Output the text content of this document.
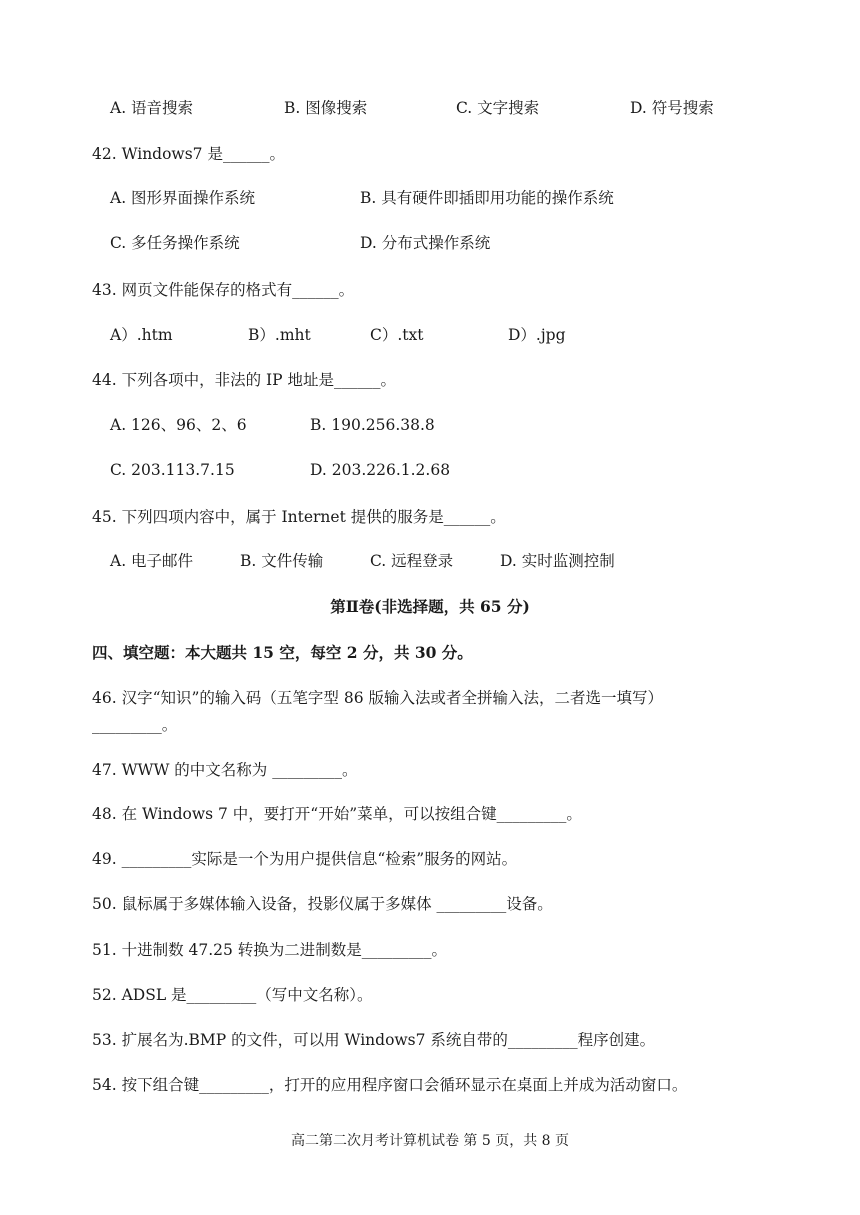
A. 语音搜索	B. 图像搜索	C. 文字搜索	D. 符号搜索
42. Windows7 是______。
A. 图形界面操作系统	B. 具有硬件即插即用功能的操作系统
C. 多任务操作系统	D. 分布式操作系统
43. 网页文件能保存的格式有______。
A）.htm	B）.mht	C）.txt	D）.jpg
44. 下列各项中，非法的 IP 地址是______。
A. 126、96、2、6	B. 190.256.38.8
C. 203.113.7.15	D. 203.226.1.2.68
45. 下列四项内容中，属于 Internet 提供的服务是______。
A. 电子邮件	B. 文件传输	C. 远程登录	D. 实时监测控制
第Ⅱ卷(非选择题，共 65 分)
四、填空题：本大题共 15 空，每空 2 分，共 30 分。
46. 汉字“知识”的输入码（五笔字型 86 版输入法或者全拼输入法，二者选一填写）
_________。
47. WWW 的中文名称为 _________。
48. 在 Windows 7 中，要打开“开始”菜单，可以按组合键_________。
49. _________实际是一个为用户提供信息“检索”服务的网站。
50. 鼠标属于多媒体输入设备，投影仪属于多媒体 _________设备。
51. 十进制数 47.25 转换为二进制数是_________。
52. ADSL 是_________（写中文名称）。
53. 扩展名为.BMP 的文件，可以用 Windows7 系统自带的_________程序创建。
54. 按下组合键_________，打开的应用程序窗口会循环显示在桌面上并成为活动窗口。
高二第二次月考计算机试卷 第 5 页，共 8 页
